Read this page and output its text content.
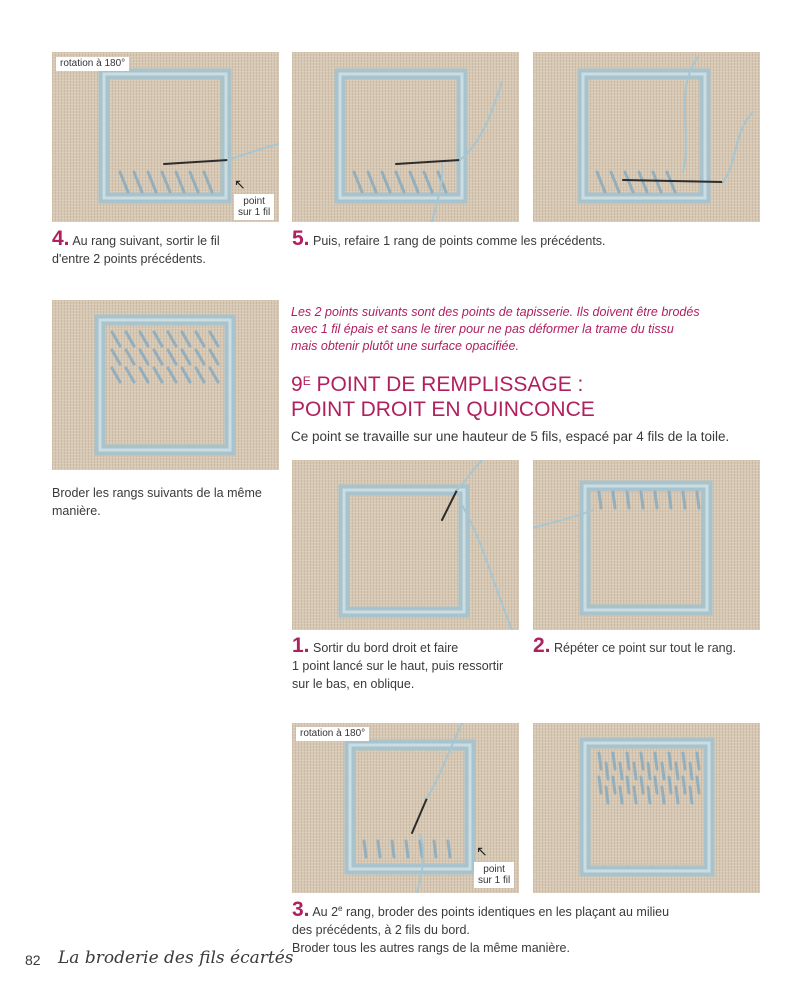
rotation à 180°
↖
point
sur 1 fil
4. Au rang suivant, sortir le fil
d'entre 2 points précédents.
5. Puis, refaire 1 rang de points comme les précédents.
Broder les rangs suivants de la même
manière.
Les 2 points suivants sont des points de tapisserie. Ils doivent être brodés
avec 1 fil épais et sans le tirer pour ne pas déformer la trame du tissu
mais obtenir plutôt une surface opacifiée.
$9^E$ POINT DE REMPLISSAGE :
POINT DROIT EN QUINCONCE
Ce point se travaille sur une hauteur de 5 fils, espacé par 4 fils de la toile.
1. Sortir du bord droit et faire
1 point lancé sur le haut, puis ressortir
sur le bas, en oblique.
2. Répéter ce point sur tout le rang.
rotation à 180°
↖
point
sur 1 fil
3. Au 2e rang, broder des points identiques en les plaçant au milieu
des précédents, à 2 fils du bord.
Broder tous les autres rangs de la même manière.
82 La broderie des fils écartés
